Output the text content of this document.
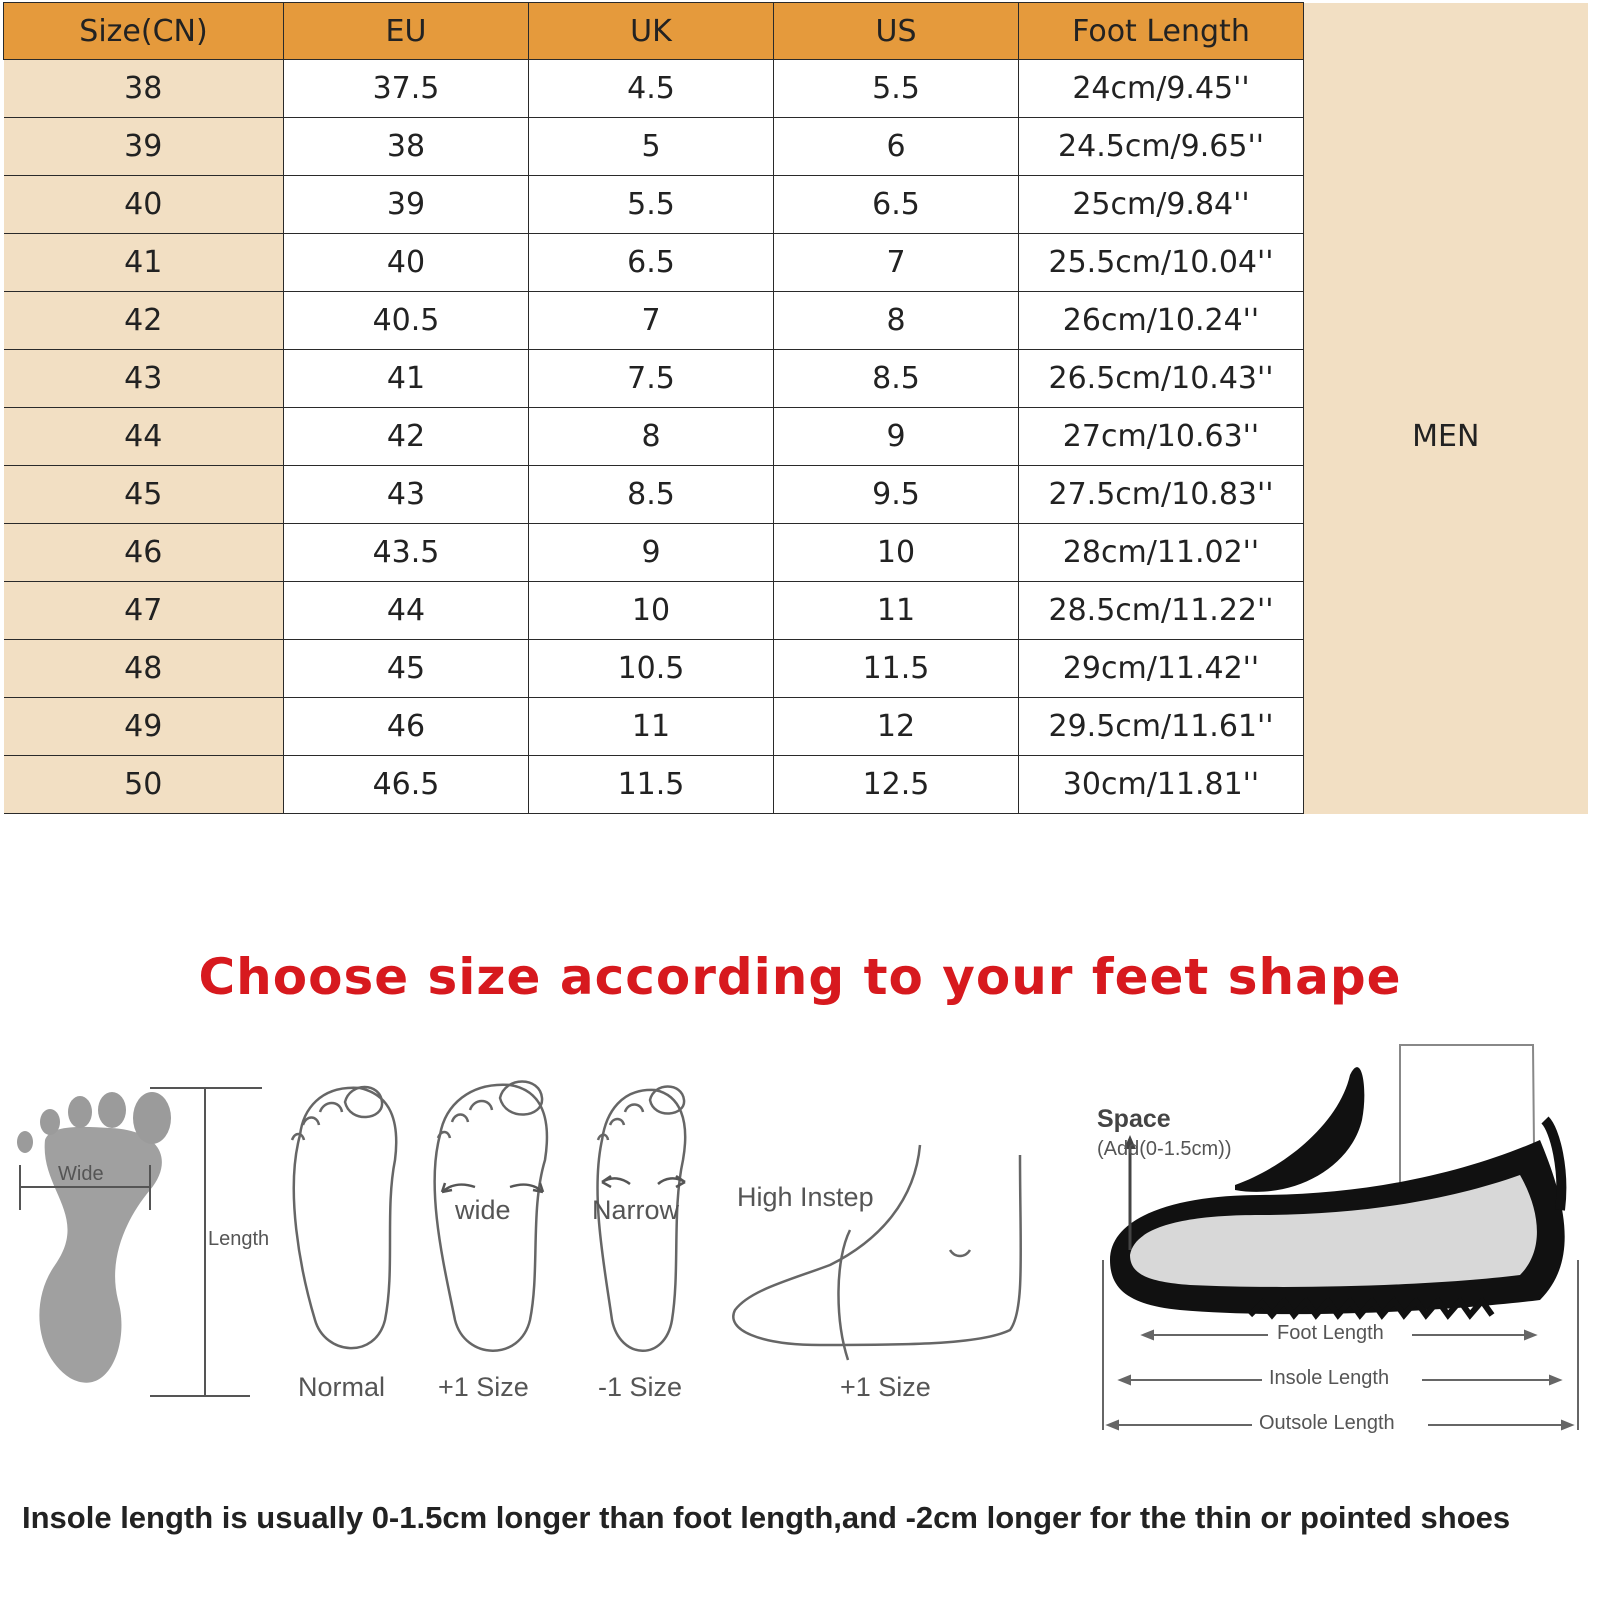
Size(CN)	EU	UK	US	Foot Length	
38	37.5	4.5	5.5	24cm/9.45''	MEN
39	38	5	6	24.5cm/9.65''	
40	39	5.5	6.5	25cm/9.84''	
41	40	6.5	7	25.5cm/10.04''	
42	40.5	7	8	26cm/10.24''	
43	41	7.5	8.5	26.5cm/10.43''	
44	42	8	9	27cm/10.63''	
45	43	8.5	9.5	27.5cm/10.83''	
46	43.5	9	10	28cm/11.02''	
47	44	10	11	28.5cm/11.22''	
48	45	10.5	11.5	29cm/11.42''	
49	46	11	12	29.5cm/11.61''	
50	46.5	11.5	12.5	30cm/11.81''	
Choose size according to your feet shape
Wide
Length
wide	Narrow High Instep
Normal +1 Size	-1 Size	+1 Size
Space
(Add(0-1.5cm))
Foot Length
Insole Length
Outsole Length
Insole length is usually 0-1.5cm longer than foot length,and -2cm longer for the thin or pointed shoes
